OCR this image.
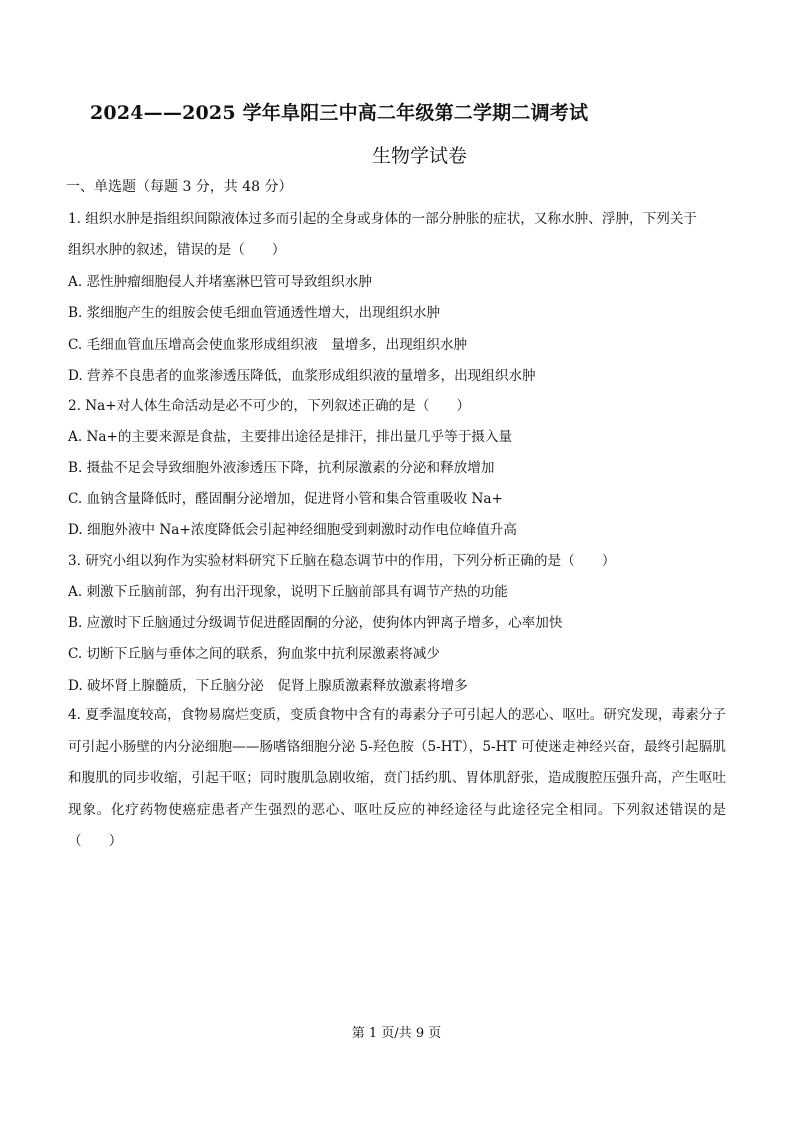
2024——2025 学年阜阳三中高二年级第二学期二调考试
生物学试卷
一、单选题（每题 3 分，共 48 分）
1. 组织水肿是指组织间隙液体过多而引起的全身或身体的一部分肿胀的症状，又称水肿、浮肿，下列关于
组织水肿的叙述，错误的是（　　）
A. 恶性肿瘤细胞侵人并堵塞淋巴管可导致组织水肿
B. 浆细胞产生的组胺会使毛细血管通透性增大，出现组织水肿
C. 毛细血管血压增高会使血浆形成组织液　量增多，出现组织水肿
D. 营养不良患者的血浆渗透压降低，血浆形成组织液的量增多，出现组织水肿
2. Na+对人体生命活动是必不可少的，下列叙述正确的是（　　）
A. Na+的主要来源是食盐，主要排出途径是排汗，排出量几乎等于摄入量
B. 摄盐不足会导致细胞外液渗透压下降，抗利尿激素的分泌和释放增加
C. 血钠含量降低时，醛固酮分泌增加，促进肾小管和集合管重吸收 Na+
D. 细胞外液中 Na+浓度降低会引起神经细胞受到刺激时动作电位峰值升高
3. 研究小组以狗作为实验材料研究下丘脑在稳态调节中的作用，下列分析正确的是（　　）
A. 刺激下丘脑前部，狗有出汗现象，说明下丘脑前部具有调节产热的功能
B. 应激时下丘脑通过分级调节促进醛固酮的分泌，使狗体内钾离子增多，心率加快
C. 切断下丘脑与垂体之间的联系，狗血浆中抗利尿激素将减少
D. 破坏肾上腺髓质，下丘脑分泌　促肾上腺质激素释放激素将增多
4. 夏季温度较高，食物易腐烂变质，变质食物中含有的毒素分子可引起人的恶心、呕吐。研究发现，毒素分子可引起小肠壁的内分泌细胞——肠嗜铬细胞分泌 5-羟色胺（5-HT），5-HT 可使迷走神经兴奋，最终引起膈肌和腹肌的同步收缩，引起干呕；同时腹肌急剧收缩，贲门括约肌、胃体肌舒张，造成腹腔压强升高，产生呕吐现象。化疗药物使癌症患者产生强烈的恶心、呕吐反应的神经途径与此途径完全相同。下列叙述错误的是（　　）
第 1 页/共 9 页
